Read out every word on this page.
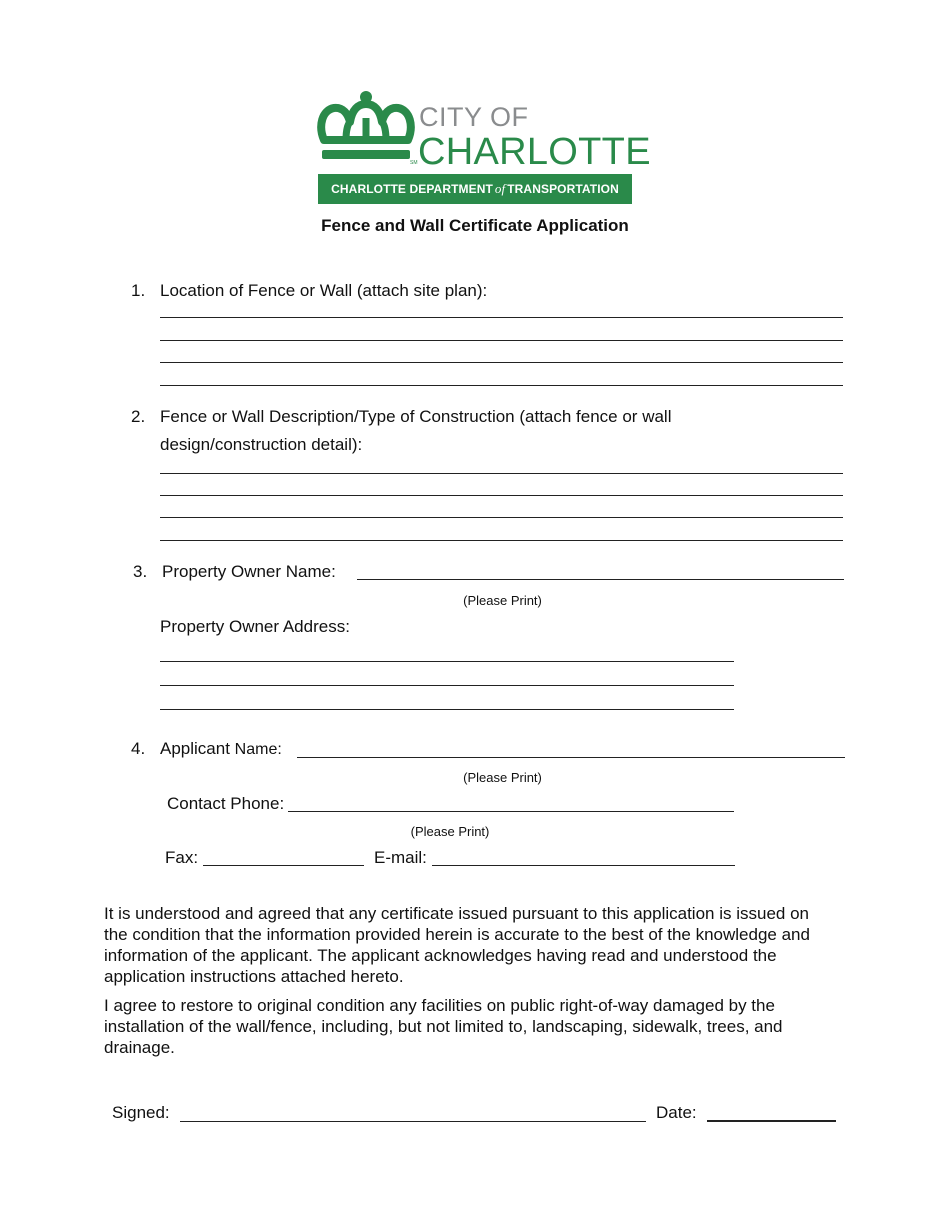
SM
CITY OF
CHARLOTTE
CHARLOTTE DEPARTMENT of TRANSPORTATION
Fence and Wall Certificate Application
1. Location of Fence or Wall (attach site plan):
2. Fence or Wall Description/Type of Construction (attach fence or wall
design/construction detail):
3. Property Owner Name:
(Please Print)
Property Owner Address:
4. Applicant Name:
(Please Print)
Contact Phone:
(Please Print)
Fax:	E-mail:

It is understood and agreed that any certificate issued pursuant to this application is issued on the condition that the information provided herein is accurate to the best of the knowledge and information of the applicant. The applicant acknowledges having read and understood the application instructions attached hereto.

I agree to restore to original condition any facilities on public right-of-way damaged by the installation of the wall/fence, including, but not limited to, landscaping, sidewalk, trees, and drainage.

Signed:	Date:
